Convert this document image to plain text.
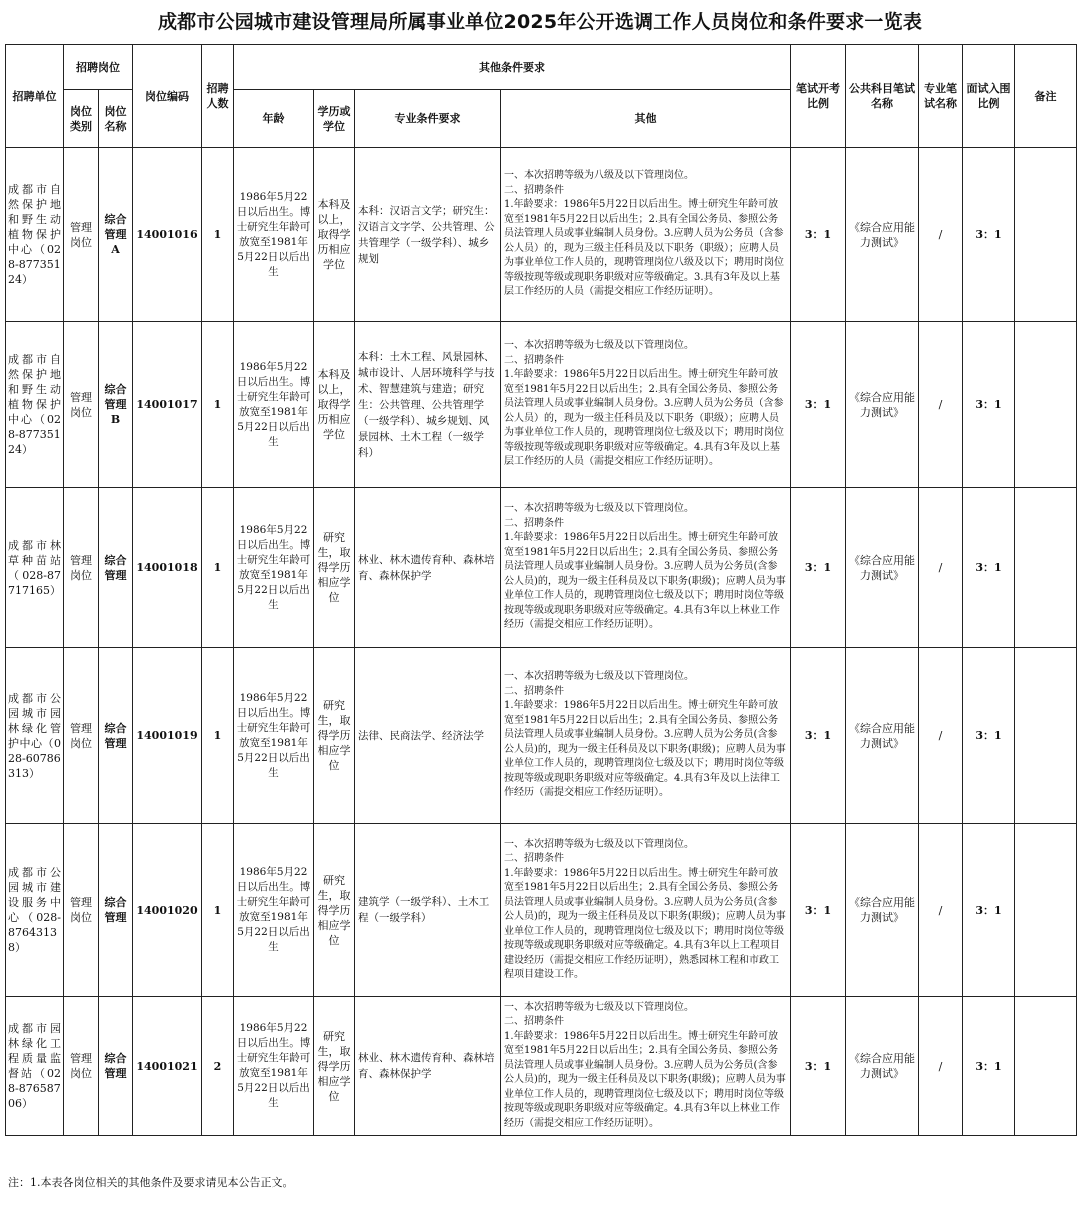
成都市公园城市建设管理局所属事业单位2025年公开选调工作人员岗位和条件要求一览表
招聘单位	招聘岗位		岗位编码	招聘人数	其他条件要求				笔试开考比例	公共科目笔试名称	专业笔试名称	面试入围比例	备注
	岗位类别	岗位名称			年龄	学历或学位	专业条件要求	其他					
成都市自然保护地和野生动植物保护中心（028-87735124）	管理岗位	综合管理A	14001016	1	1986年5月22日以后出生。博士研究生年龄可放宽至1981年5月22日以后出生	本科及以上，取得学历相应学位	本科：汉语言文学；研究生：汉语言文字学、公共管理、公共管理学（一级学科）、城乡规划	一、本次招聘等级为八级及以下管理岗位。
二、招聘条件
1.年龄要求：1986年5月22日以后出生。博士研究生年龄可放宽至1981年5月22日以后出生；2.具有全国公务员、参照公务员法管理人员或事业编制人员身份。3.应聘人员为公务员（含参公人员）的，现为三级主任科员及以下职务（职级）；应聘人员为事业单位工作人员的，现聘管理岗位八级及以下；聘用时岗位等级按现等级或现职务职级对应等级确定。3.具有3年及以上基层工作经历的人员（需提交相应工作经历证明）。	3：1	《综合应用能力测试》	/	3：1	
成都市自然保护地和野生动植物保护中心（028-87735124）	管理岗位	综合管理B	14001017	1	1986年5月22日以后出生。博士研究生年龄可放宽至1981年5月22日以后出生	本科及以上，取得学历相应学位	本科：土木工程、风景园林、城市设计、人居环境科学与技术、智慧建筑与建造；研究生：公共管理、公共管理学（一级学科）、城乡规划、风景园林、土木工程（一级学科）	一、本次招聘等级为七级及以下管理岗位。
二、招聘条件
1.年龄要求：1986年5月22日以后出生。博士研究生年龄可放宽至1981年5月22日以后出生；2.具有全国公务员、参照公务员法管理人员或事业编制人员身份。3.应聘人员为公务员（含参公人员）的，现为一级主任科员及以下职务（职级）；应聘人员为事业单位工作人员的，现聘管理岗位七级及以下；聘用时岗位等级按现等级或现职务职级对应等级确定。4.具有3年及以上基层工作经历的人员（需提交相应工作经历证明）。	3：1	《综合应用能力测试》	/	3：1	
成都市林草种苗站（028-87717165）	管理岗位	综合管理	14001018	1	1986年5月22日以后出生。博士研究生年龄可放宽至1981年5月22日以后出生	研究生，取得学历相应学位	林业、林木遗传育种、森林培育、森林保护学	一、本次招聘等级为七级及以下管理岗位。
二、招聘条件
1.年龄要求：1986年5月22日以后出生。博士研究生年龄可放宽至1981年5月22日以后出生；2.具有全国公务员、参照公务员法管理人员或事业编制人员身份。3.应聘人员为公务员(含参公人员)的，现为一级主任科员及以下职务(职级)；应聘人员为事业单位工作人员的，现聘管理岗位七级及以下；聘用时岗位等级按现等级或现职务职级对应等级确定。4.具有3年以上林业工作经历（需提交相应工作经历证明）。	3：1	《综合应用能力测试》	/	3：1	
成都市公园城市园林绿化管护中心（028-60786313）	管理岗位	综合管理	14001019	1	1986年5月22日以后出生。博士研究生年龄可放宽至1981年5月22日以后出生	研究生，取得学历相应学位	法律、民商法学、经济法学	一、本次招聘等级为七级及以下管理岗位。
二、招聘条件
1.年龄要求：1986年5月22日以后出生。博士研究生年龄可放宽至1981年5月22日以后出生；2.具有全国公务员、参照公务员法管理人员或事业编制人员身份。3.应聘人员为公务员(含参公人员)的，现为一级主任科员及以下职务(职级)；应聘人员为事业单位工作人员的，现聘管理岗位七级及以下；聘用时岗位等级按现等级或现职务职级对应等级确定。4.具有3年及以上法律工作经历（需提交相应工作经历证明）。	3：1	《综合应用能力测试》	/	3：1	
成都市公园城市建设服务中心（028-87643138）	管理岗位	综合管理	14001020	1	1986年5月22日以后出生。博士研究生年龄可放宽至1981年5月22日以后出生	研究生，取得学历相应学位	建筑学（一级学科）、土木工程（一级学科）	一、本次招聘等级为七级及以下管理岗位。
二、招聘条件
1.年龄要求：1986年5月22日以后出生。博士研究生年龄可放宽至1981年5月22日以后出生；2.具有全国公务员、参照公务员法管理人员或事业编制人员身份。3.应聘人员为公务员(含参公人员)的，现为一级主任科员及以下职务(职级)；应聘人员为事业单位工作人员的，现聘管理岗位七级及以下；聘用时岗位等级按现等级或现职务职级对应等级确定。4.具有3年以上工程项目建设经历（需提交相应工作经历证明），熟悉园林工程和市政工程项目建设工作。	3：1	《综合应用能力测试》	/	3：1	
成都市园林绿化工程质量监督站（028-87658706）	管理岗位	综合管理	14001021	2	1986年5月22日以后出生。博士研究生年龄可放宽至1981年5月22日以后出生	研究生，取得学历相应学位	林业、林木遗传育种、森林培育、森林保护学	一、本次招聘等级为七级及以下管理岗位。
二、招聘条件
1.年龄要求：1986年5月22日以后出生。博士研究生年龄可放宽至1981年5月22日以后出生；2.具有全国公务员、参照公务员法管理人员或事业编制人员身份。3.应聘人员为公务员(含参公人员)的，现为一级主任科员及以下职务(职级)；应聘人员为事业单位工作人员的，现聘管理岗位七级及以下；聘用时岗位等级按现等级或现职务职级对应等级确定。4.具有3年以上林业工作经历（需提交相应工作经历证明）。	3：1	《综合应用能力测试》	/	3：1	
注：1.本表各岗位相关的其他条件及要求请见本公告正文。
